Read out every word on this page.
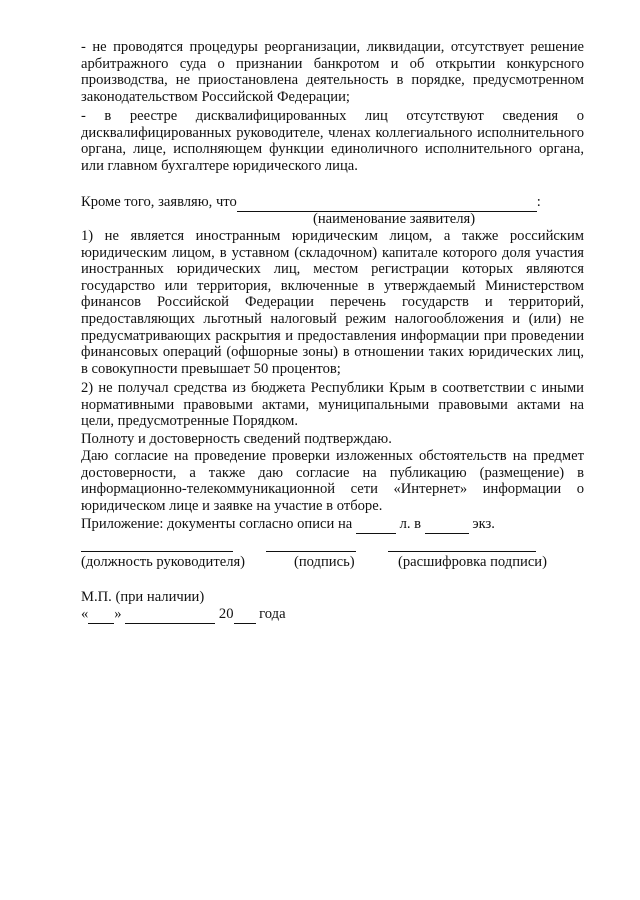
- не проводятся процедуры реорганизации, ликвидации, отсутствует решение арбитражного суда о признании банкротом и об открытии конкурсного производства, не приостановлена деятельность в порядке, предусмотренном законодательством Российской Федерации;

- в реестре дисквалифицированных лиц отсутствуют сведения о дисквалифицированных руководителе, членах коллегиального исполнительного органа, лице, исполняющем функции единоличного исполнительного органа, или главном бухгалтере юридического лица.

Кроме того, заявляю, что	:
(наименование заявителя)

1) не является иностранным юридическим лицом, а также российским юридическим лицом, в уставном (складочном) капитале которого доля участия иностранных юридических лиц, местом регистрации которых являются государство или территория, включенные в утверждаемый Министерством финансов Российской Федерации перечень государств и территорий, предоставляющих льготный налоговый режим налогообложения и (или) не предусматривающих раскрытия и предоставления информации при проведении финансовых операций (офшорные зоны) в отношении таких юридических лиц, в совокупности превышает 50 процентов;

2) не получал средства из бюджета Республики Крым в соответствии с иными нормативными правовыми актами, муниципальными правовыми актами на цели, предусмотренные Порядком.

Полноту и достоверность сведений подтверждаю.

Даю согласие на проведение проверки изложенных обстоятельств на предмет достоверности, а также даю согласие на публикацию (размещение) в информационно-телекоммуникационной сети «Интернет» информации о юридическом лице и заявке на участие в отборе.

Приложение: документы согласно описи на	л. в	экз.
(должность руководителя)	(подпись)	(расшифровка подписи)
М.П. (при наличии)
« »	20 года
